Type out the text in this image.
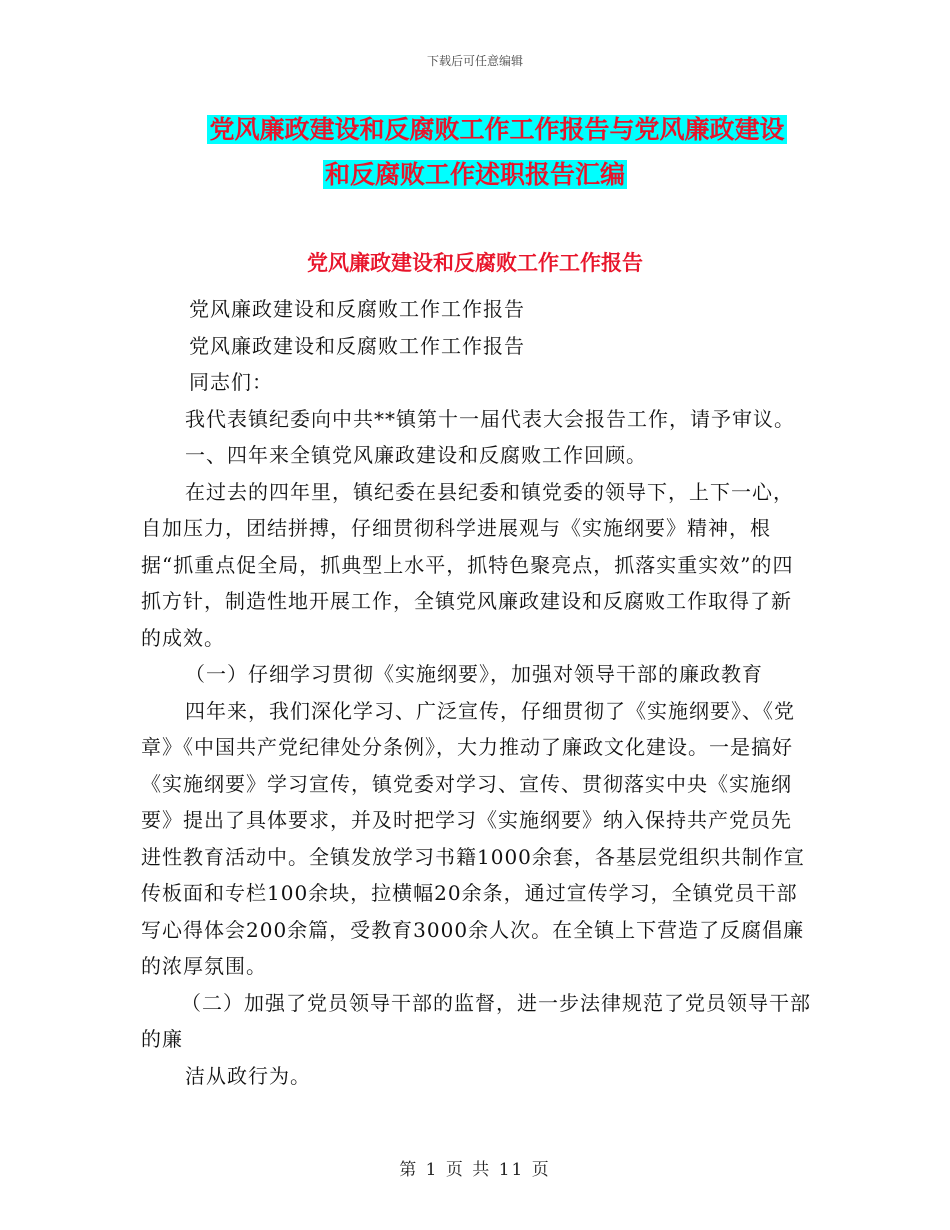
下载后可任意编辑
党风廉政建设和反腐败工作工作报告与党风廉政建设
和反腐败工作述职报告汇编
党风廉政建设和反腐败工作工作报告

党风廉政建设和反腐败工作工作报告

党风廉政建设和反腐败工作工作报告

同志们：

我代表镇纪委向中共**镇第十一届代表大会报告工作，请予审议。

一、四年来全镇党风廉政建设和反腐败工作回顾。

在过去的四年里，镇纪委在县纪委和镇党委的领导下，上下一心，自加压力，团结拼搏，仔细贯彻科学进展观与《实施纲要》精神，根据“抓重点促全局，抓典型上水平，抓特色聚亮点，抓落实重实效”的四抓方针，制造性地开展工作，全镇党风廉政建设和反腐败工作取得了新的成效。

（一）仔细学习贯彻《实施纲要》，加强对领导干部的廉政教育

四年来，我们深化学习、广泛宣传，仔细贯彻了《实施纲要》、《党章》《中国共产党纪律处分条例》，大力推动了廉政文化建设。一是搞好《实施纲要》学习宣传，镇党委对学习、宣传、贯彻落实中央《实施纲要》提出了具体要求，并及时把学习《实施纲要》纳入保持共产党员先进性教育活动中。全镇发放学习书籍1000余套，各基层党组织共制作宣传板面和专栏100余块，拉横幅20余条，通过宣传学习，全镇党员干部写心得体会200余篇，受教育3000余人次。在全镇上下营造了反腐倡廉的浓厚氛围。

（二）加强了党员领导干部的监督，进一步法律规范了党员领导干部的廉

洁从政行为。

第 1 页 共 11 页
